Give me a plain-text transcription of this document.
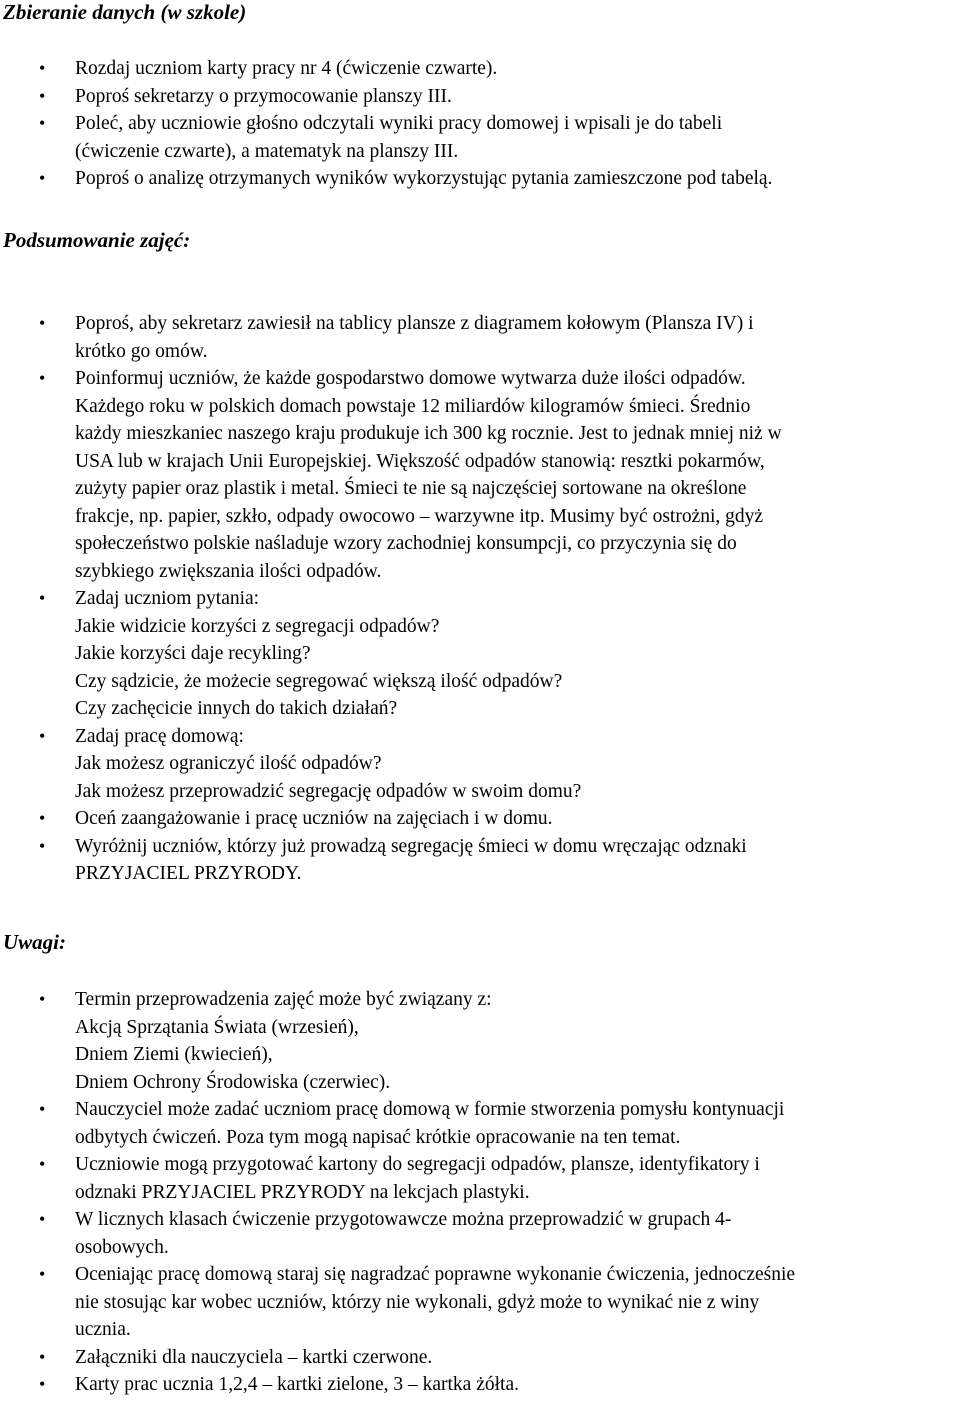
Zbieranie danych (w szkole)
• Rozdaj uczniom karty pracy nr 4 (ćwiczenie czwarte).
• Poproś sekretarzy o przymocowanie planszy III.
• Poleć, aby uczniowie głośno odczytali wyniki pracy domowej i wpisali je do tabeli
(ćwiczenie czwarte), a matematyk na planszy III.
• Poproś o analizę otrzymanych wyników wykorzystując pytania zamieszczone pod tabelą.
Podsumowanie zajęć:
• Poproś, aby sekretarz zawiesił na tablicy plansze z diagramem kołowym (Plansza IV) i
krótko go omów.
• Poinformuj uczniów, że każde gospodarstwo domowe wytwarza duże ilości odpadów.
Każdego roku w polskich domach powstaje 12 miliardów kilogramów śmieci. Średnio
każdy mieszkaniec naszego kraju produkuje ich 300 kg rocznie. Jest to jednak mniej niż w
USA lub w krajach Unii Europejskiej. Większość odpadów stanowią: resztki pokarmów,
zużyty papier oraz plastik i metal. Śmieci te nie są najczęściej sortowane na określone
frakcje, np. papier, szkło, odpady owocowo – warzywne itp. Musimy być ostrożni, gdyż
społeczeństwo polskie naśladuje wzory zachodniej konsumpcji, co przyczynia się do
szybkiego zwiększania ilości odpadów.
• Zadaj uczniom pytania:
Jakie widzicie korzyści z segregacji odpadów?
Jakie korzyści daje recykling?
Czy sądzicie, że możecie segregować większą ilość odpadów?
Czy zachęcicie innych do takich działań?
• Zadaj pracę domową:
Jak możesz ograniczyć ilość odpadów?
Jak możesz przeprowadzić segregację odpadów w swoim domu?
• Oceń zaangażowanie i pracę uczniów na zajęciach i w domu.
• Wyróżnij uczniów, którzy już prowadzą segregację śmieci w domu wręczając odznaki
PRZYJACIEL PRZYRODY.
Uwagi:
• Termin przeprowadzenia zajęć może być związany z:
Akcją Sprzątania Świata (wrzesień),
Dniem Ziemi (kwiecień),
Dniem Ochrony Środowiska (czerwiec).
• Nauczyciel może zadać uczniom pracę domową w formie stworzenia pomysłu kontynuacji
odbytych ćwiczeń. Poza tym mogą napisać krótkie opracowanie na ten temat.
• Uczniowie mogą przygotować kartony do segregacji odpadów, plansze, identyfikatory i
odznaki PRZYJACIEL PRZYRODY na lekcjach plastyki.
• W licznych klasach ćwiczenie przygotowawcze można przeprowadzić w grupach 4-
osobowych.
• Oceniając pracę domową staraj się nagradzać poprawne wykonanie ćwiczenia, jednocześnie
nie stosując kar wobec uczniów, którzy nie wykonali, gdyż może to wynikać nie z winy
ucznia.
• Załączniki dla nauczyciela – kartki czerwone.
• Karty prac ucznia 1,2,4 – kartki zielone, 3 – kartka żółta.
